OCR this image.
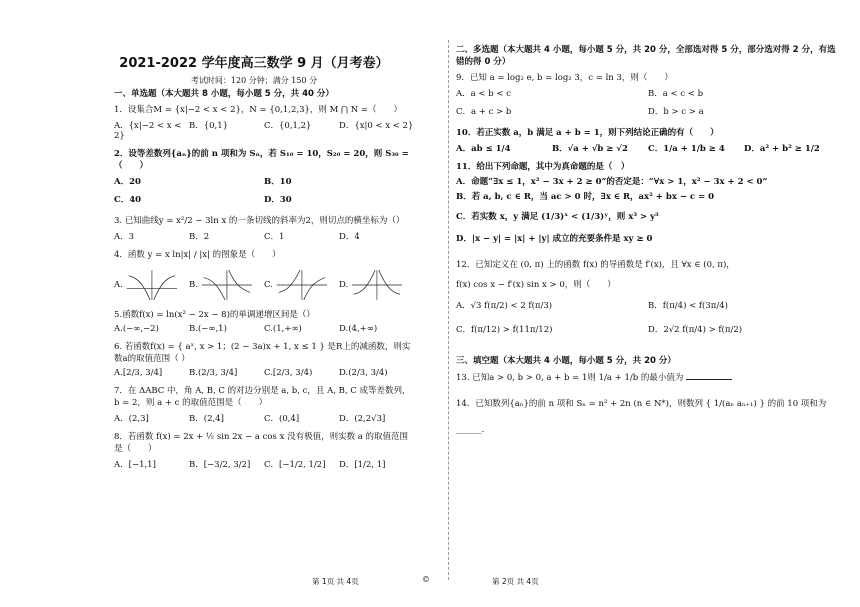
2021-2022 学年度高三数学 9 月（月考卷）
考试时间：120 分钟；满分 150 分
一、单选题（本大题共 8 小题，每小题 5 分，共 40 分）
1．设集合M = {x|−2 < x < 2}，N = {0,1,2,3}，则 M ⋂ N =（　　）
A．{x|−2 < x < 2}
B．{0,1}	C．{0,1,2}	D．{x|0 < x < 2}
2．设等差数列{aₙ}的前 n 项和为 Sₙ，若 S₁₀ = 10，S₂₀ = 20，则 S₃₀ =（　　）
A．20	B．10
C．40	D．30
3. 已知曲线y = x²/2 − 3ln x 的一条切线的斜率为2，则切点的横坐标为（）
A．3	B．2	C．1	D．4
4．函数 y = x ln|x| / |x| 的图象是（　　）
A.	B.	C.	D.
5.函数f(x) = ln(x² − 2x − 8)的单调递增区间是（）
A.(−∞,−2)	B.(−∞,1)	C.(1,+∞)	D.(4,+∞)
6. 若函数f(x) = { aˣ, x > 1；(2 − 3a)x + 1, x ≤ 1 } 是R上的减函数，则实数a的取值范围（ ）
A.[2/3, 3/4]	B.(2/3, 3/4]	C.[2/3, 3/4)	D.(2/3, 3/4)
7．在 ΔABC 中，角 A, B, C 的对边分别是 a, b, c，且 A, B, C 成等差数列，b = 2，则 a + c 的取值范围是（　　）
A．(2,3]	B．(2,4]	C．(0,4]	D．(2,2√3]
8．若函数 f(x) = 2x + ½ sin 2x − a cos x 没有极值，则实数 a 的取值范围是（　　）
A．[−1,1]	B．[−3/2, 3/2]	C．[−1/2, 1/2]	D．[1/2, 1]
第 1页 共 4页	©
二、多选题（本大题共 4 小题，每小题 5 分，共 20 分，全部选对得 5 分，部分选对得 2 分，有选错的得 0 分）
9．已知 a = log₂ e, b = log₂ 3，c = ln 3，则（　　）
A．a < b < c	B．a < c < b
C．a + c > b	D．b > c > a
10．若正实数 a，b 满足 a + b = 1，则下列结论正确的有（　　）
A．ab ≤ 1/4	B．√a + √b ≥ √2	C．1/a + 1/b ≥ 4	D．a² + b² ≥ 1/2
11．给出下列命题，其中为真命题的是（　）
A．命题“∃x ≤ 1，x² − 3x + 2 ≥ 0”的否定是：“∀x > 1，x² − 3x + 2 < 0”
B．若 a, b, c ∈ R，当 ac > 0 时，∃x ∈ R，ax² + bx − c = 0
C．若实数 x，y 满足 (1/3)ˣ < (1/3)ʸ，则 x³ > y³
D．|x − y| = |x| + |y| 成立的充要条件是 xy ≥ 0
12．已知定义在 (0, π) 上的函数 f(x) 的导函数是 f′(x)，且 ∀x ∈ (0, π)，
f(x) cos x − f′(x) sin x > 0，则（　　）
A．√3 f(π/2) < 2 f(π/3)	B．f(π/4) < f(3π/4)
C．f(π/12) > f(11π/12)	D．2√2 f(π/4) > f(π/2)
三、填空题（本大题共 4 小题，每小题 5 分，共 20 分）
13. 已知a > 0, b > 0, a + b = 1则 1/a + 1/b 的最小值为
14．已知数列{aₙ}的前 n 项和 Sₙ = n² + 2n (n ∈ N*)，则数列 { 1/(aₙ aₙ₊₁) } 的前 10 项和为
______.
第 2页 共 4页
